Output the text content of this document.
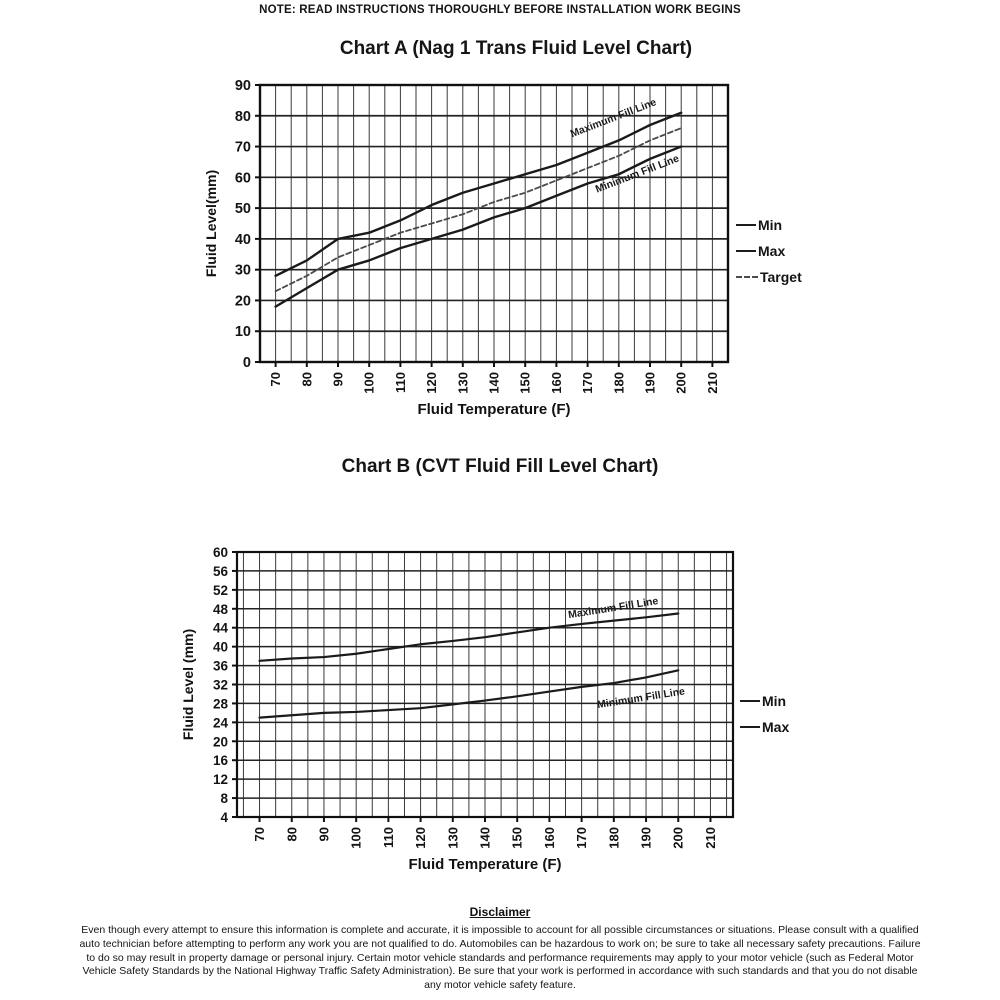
NOTE: READ INSTRUCTIONS THOROUGHLY BEFORE INSTALLATION WORK BEGINS
Chart A (Nag 1 Trans Fluid Level Chart)
Maximum Fill Line
Minimum Fill Line
70 80 90 100 110 120 130 140 150 160 170 180 190 200 210
0
10
20
30
40
50
60
70
80
90
Fluid Level(mm)
Fluid Temperature (F)
Min
Max
Target
Chart B (CVT Fluid Fill Level Chart)
Maximum Fill Line
Minimum Fill Line
70 80 90 100 110 120 130 140 150 160 170 180 190 200 210
4
8
12
16
20
24
28
32
36
40
44
48
52
56
60
Fluid Level (mm)
Fluid Temperature (F)
Min
Max
Disclaimer
Even though every attempt to ensure this information is complete and accurate, it is impossible to account for all possible circumstances or situations. Please consult with a qualified auto technician before attempting to perform any work you are not qualified to do. Automobiles can be hazardous to work on; be sure to take all necessary safety precautions. Failure to do so may result in property damage or personal injury. Certain motor vehicle standards and performance requirements may apply to your motor vehicle (such as Federal Motor Vehicle Safety Standards by the National Highway Traffic Safety Administration). Be sure that your work is performed in accordance with such standards and that you do not disable any motor vehicle safety feature.
